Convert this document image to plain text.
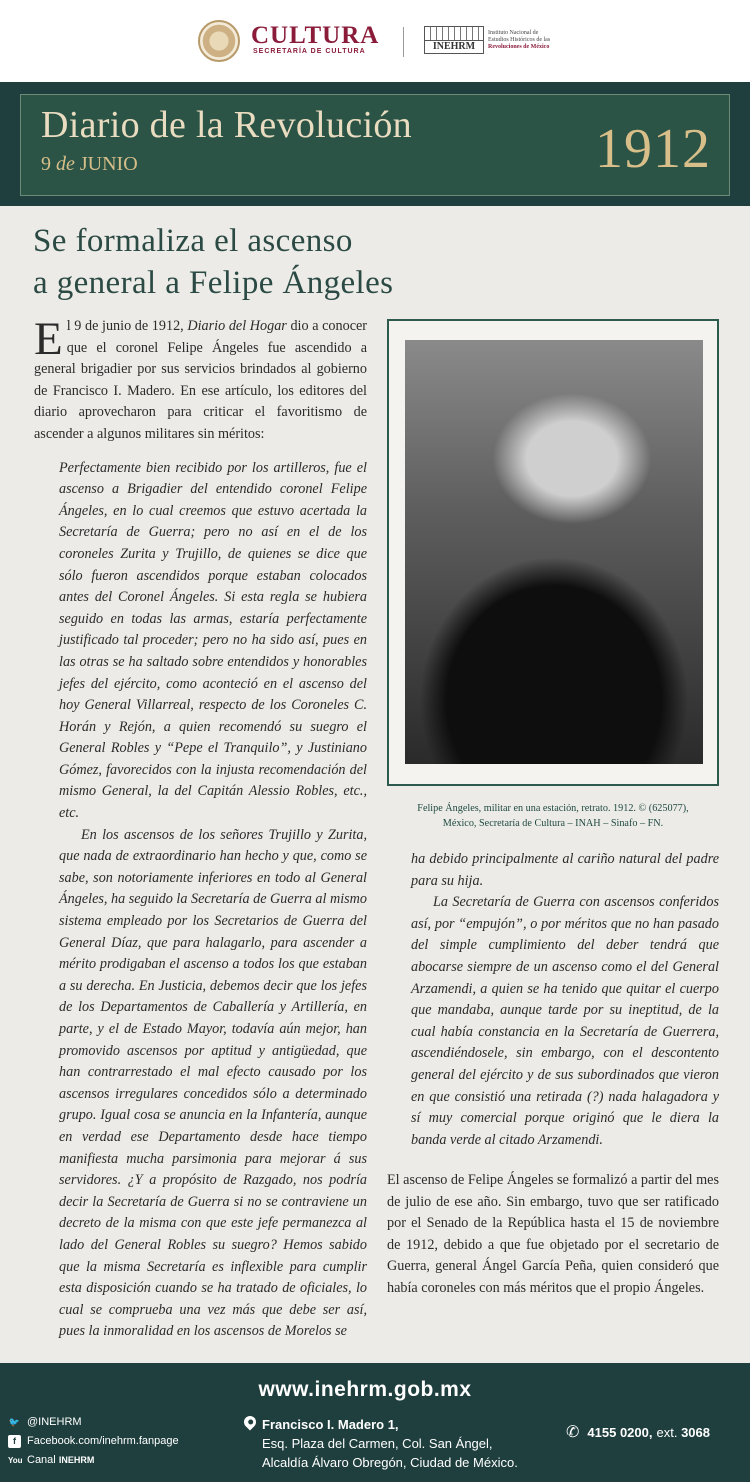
CULTURA
SECRETARÍA DE CULTURA	INEHRM
Instituto Nacional de
Estudios Históricos de las
Revoluciones de México
Diario de la Revolución
9 de JUNIO	1912
Se formaliza el ascenso
a general a Felipe Ángeles

El 9 de junio de 1912, Diario del Hogar dio a conocer que el coronel Felipe Ángeles fue ascendido a general brigadier por sus servicios brindados al gobierno de Francisco I. Madero. En ese artículo, los editores del diario aprovecharon para criticar el favoritismo de ascender a algunos militares sin méritos:

Perfectamente bien recibido por los artilleros, fue el ascenso a Brigadier del entendido coronel Felipe Ángeles, en lo cual creemos que estuvo acertada la Secretaría de Guerra; pero no así en el de los coroneles Zurita y Trujillo, de quienes se dice que sólo fueron ascendidos porque estaban colocados antes del Coronel Ángeles. Si esta regla se hubiera seguido en todas las armas, estaría perfectamente justificado tal proceder; pero no ha sido así, pues en las otras se ha saltado sobre entendidos y honorables jefes del ejército, como aconteció en el ascenso del hoy General Villarreal, respecto de los Coroneles C. Horán y Rejón, a quien recomendó su suegro el General Robles y “Pepe el Tranquilo”, y Justiniano Gómez, favorecidos con la injusta recomendación del mismo General, la del Capitán Alessio Robles, etc., etc.

En los ascensos de los señores Trujillo y Zurita, que nada de extraordinario han hecho y que, como se sabe, son notoriamente inferiores en todo al General Ángeles, ha seguido la Secretaría de Guerra al mismo sistema empleado por los Secretarios de Guerra del General Díaz, que para halagarlo, para ascender a mérito prodigaban el ascenso a todos los que estaban a su derecha. En Justicia, debemos decir que los jefes de los Departamentos de Caballería y Artillería, en parte, y el de Estado Mayor, todavía aún mejor, han promovido ascensos por aptitud y antigüedad, que han contrarrestado el mal efecto causado por los ascensos irregulares concedidos sólo a determinado grupo. Igual cosa se anuncia en la Infantería, aunque en verdad ese Departamento desde hace tiempo manifiesta mucha parsimonia para mejorar á sus servidores. ¿Y a propósito de Razgado, nos podría decir la Secretaría de Guerra si no se contraviene un decreto de la misma con que este jefe permanezca al lado del General Robles su suegro? Hemos sabido que la misma Secretaría es inflexible para cumplir esta disposición cuando se ha tratado de oficiales, lo cual se comprueba una vez más que debe ser así, pues la inmoralidad en los ascensos de Morelos se

Felipe Ángeles, militar en una estación, retrato. 1912. © (625077),
México, Secretaría de Cultura – INAH – Sinafo – FN.

ha debido principalmente al cariño natural del padre para su hija.

La Secretaría de Guerra con ascensos conferidos así, por “empujón”, o por méritos que no han pasado del simple cumplimiento del deber tendrá que abocarse siempre de un ascenso como el del General Arzamendi, a quien se ha tenido que quitar el cuerpo que mandaba, aunque tarde por su ineptitud, de la cual había constancia en la Secretaría de Guerrera, ascendiéndosele, sin embargo, con el descontento general del ejército y de sus subordinados que vieron en que consistió una retirada (?) nada halagadora y sí muy comercial porque originó que le diera la banda verde al citado Arzamendi.

El ascenso de Felipe Ángeles se formalizó a partir del mes de julio de ese año. Sin embargo, tuvo que ser ratificado por el Senado de la República hasta el 15 de noviembre de 1912, debido a que fue objetado por el secretario de Guerra, general Ángel García Peña, quien consideró que había coroneles con más méritos que el propio Ángeles.

www.inehrm.gob.mx
🐦 @INEHRM
f	Facebook.com/inehrm.fanpage
You Canal
INEHRM
Francisco I. Madero 1,
Esq. Plaza del Carmen, Col. San Ángel,
Alcaldía Álvaro Obregón, Ciudad de México.
✆ 4155 0200, ext.
3068
